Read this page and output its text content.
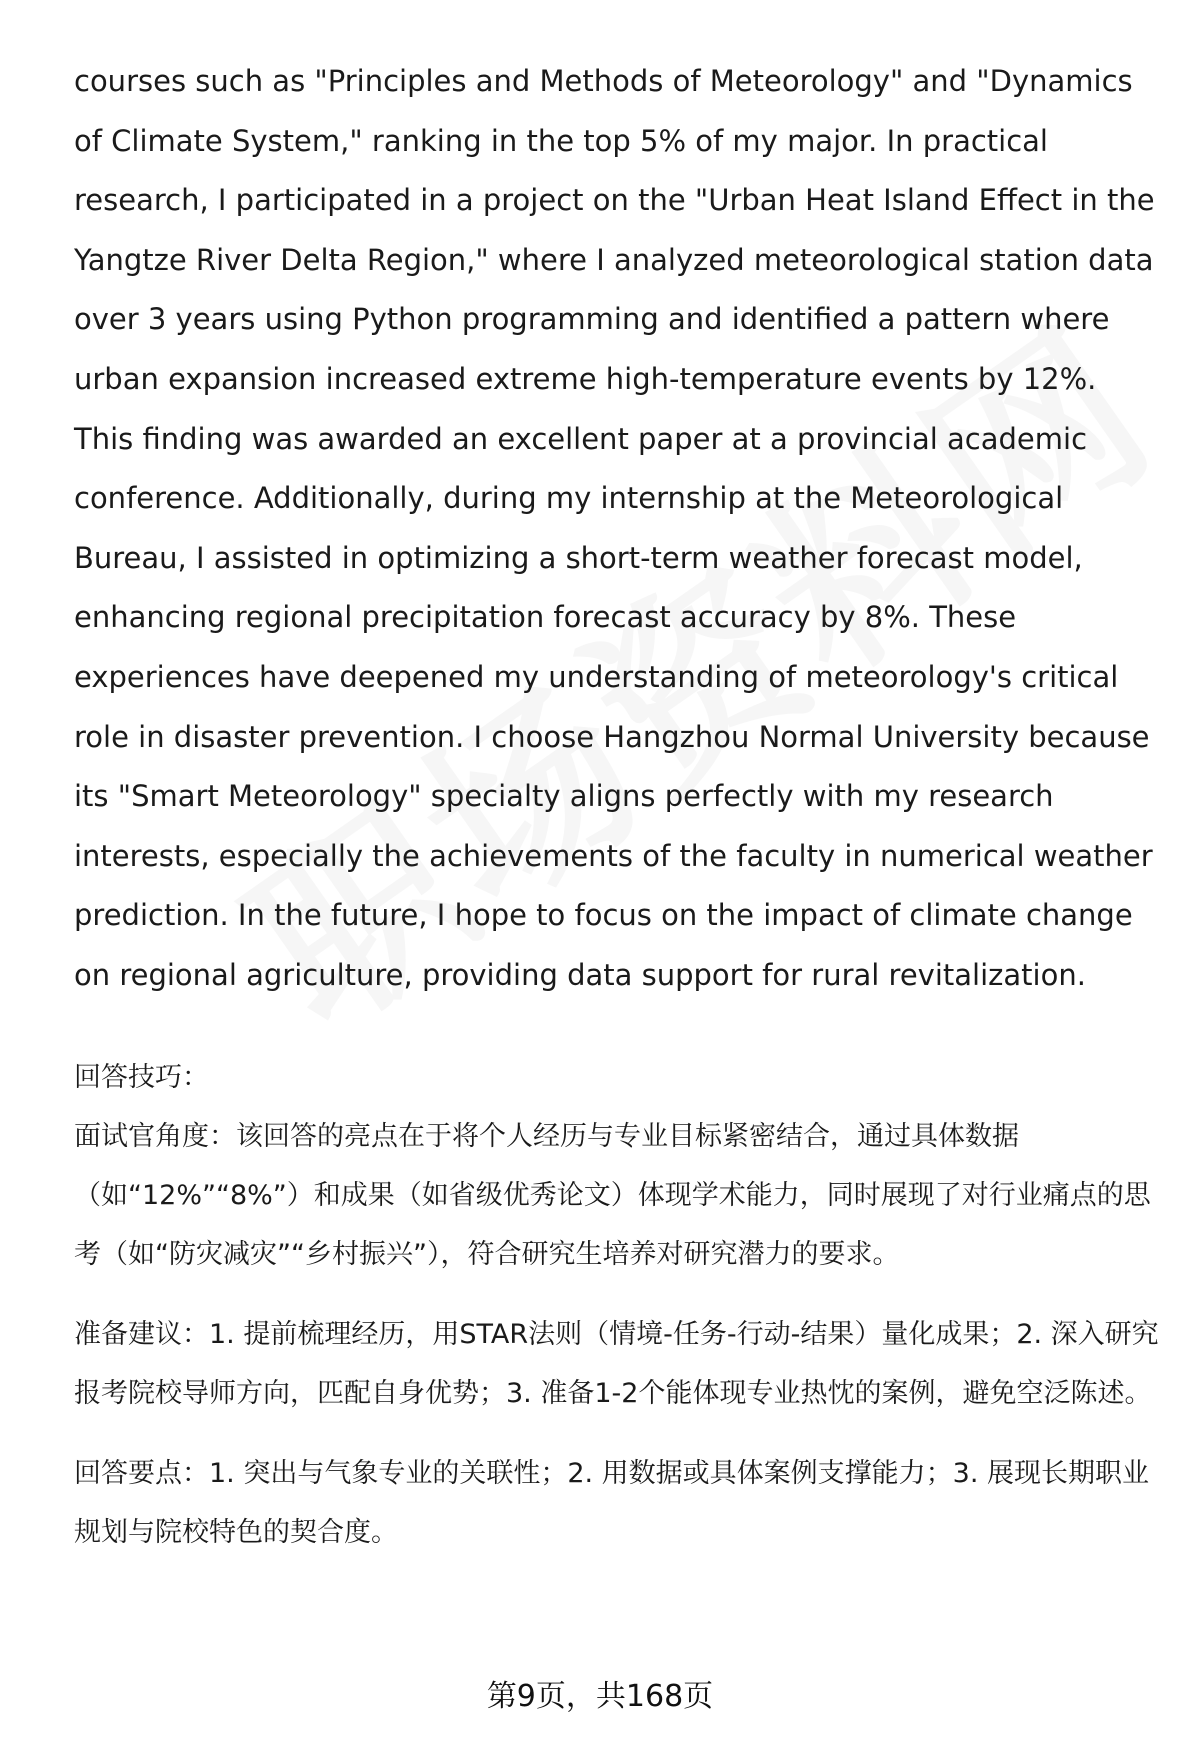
courses such as "Principles and Methods of Meteorology" and "Dynamics of Climate System," ranking in the top 5% of my major. In practical research, I participated in a project on the "Urban Heat Island Effect in the Yangtze River Delta Region," where I analyzed meteorological station data over 3 years using Python programming and identified a pattern where urban expansion increased extreme high-temperature events by 12%. This finding was awarded an excellent paper at a provincial academic conference. Additionally, during my internship at the Meteorological Bureau, I assisted in optimizing a short-term weather forecast model, enhancing regional precipitation forecast accuracy by 8%. These experiences have deepened my understanding of meteorology's critical role in disaster prevention. I choose Hangzhou Normal University because its "Smart Meteorology" specialty aligns perfectly with my research interests, especially the achievements of the faculty in numerical weather prediction. In the future, I hope to focus on the impact of climate change on regional agriculture, providing data support for rural revitalization.

回答技巧：

面试官角度：该回答的亮点在于将个人经历与专业目标紧密结合，通过具体数据（如“12%”“8%”）和成果（如省级优秀论文）体现学术能力，同时展现了对行业痛点的思考（如“防灾减灾”“乡村振兴”），符合研究生培养对研究潜力的要求。

准备建议：1. 提前梳理经历，用STAR法则（情境-任务-行动-结果）量化成果；2. 深入研究报考院校导师方向，匹配自身优势；3. 准备1-2个能体现专业热忱的案例，避免空泛陈述。

回答要点：1. 突出与气象专业的关联性；2. 用数据或具体案例支撑能力；3. 展现长期职业规划与院校特色的契合度。

第9页，共168页
